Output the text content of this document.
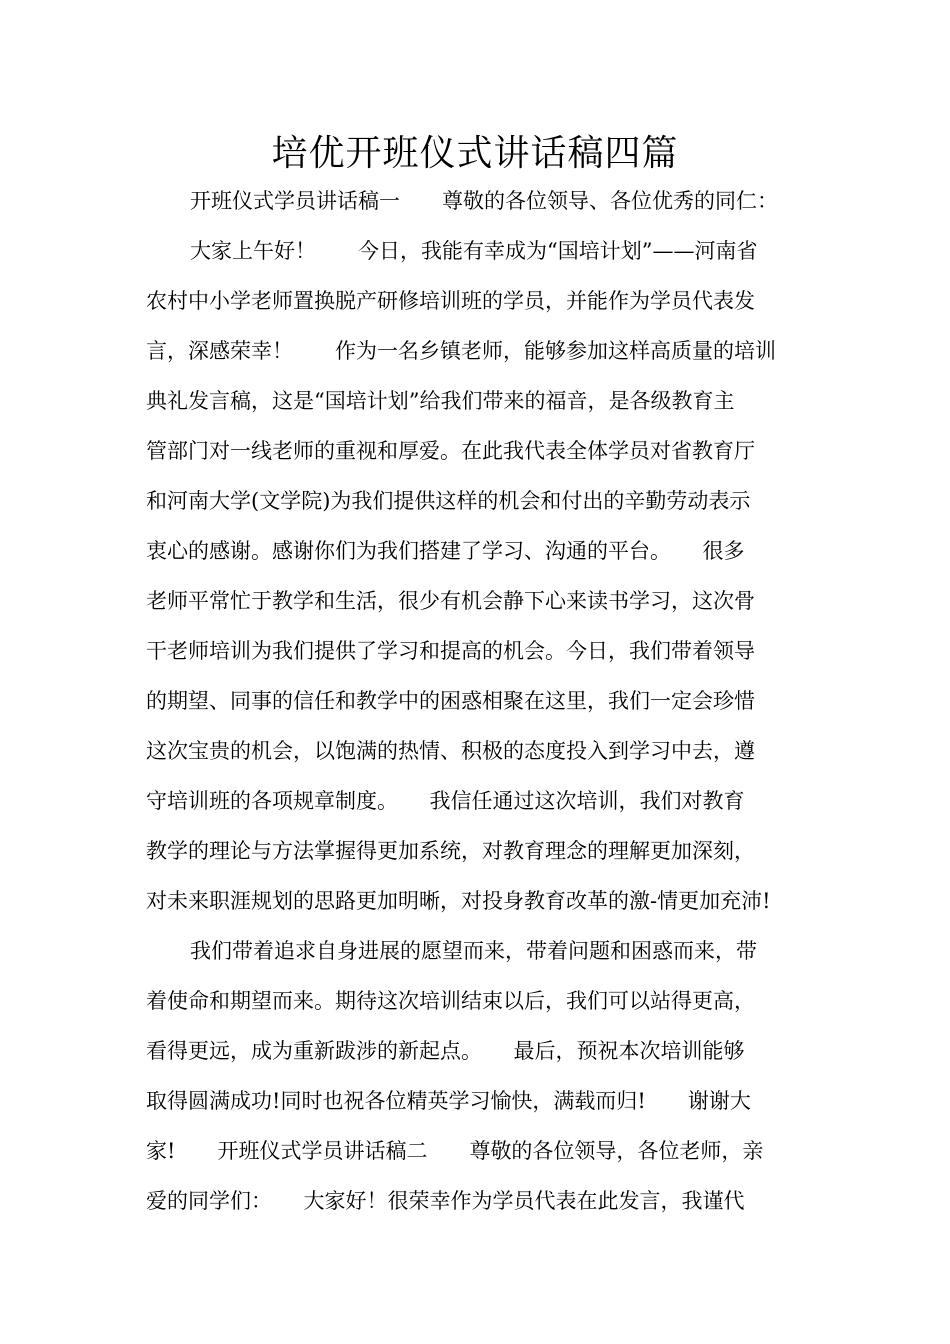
培优开班仪式讲话稿四篇
开班仪式学员讲话稿一　　尊敬的各位领导、各位优秀的同仁：
大家上午好！　　今日，我能有幸成为“国培计划”——河南省
农村中小学老师置换脱产研修培训班的学员，并能作为学员代表发
言，深感荣幸！　　作为一名乡镇老师，能够参加这样高质量的培训
典礼发言稿，这是“国培计划”给我们带来的福音，是各级教育主
管部门对一线老师的重视和厚爱。在此我代表全体学员对省教育厅
和河南大学(文学院)为我们提供这样的机会和付出的辛勤劳动表示
衷心的感谢。感谢你们为我们搭建了学习、沟通的平台。　　很多
老师平常忙于教学和生活，很少有机会静下心来读书学习，这次骨
干老师培训为我们提供了学习和提高的机会。今日，我们带着领导
的期望、同事的信任和教学中的困惑相聚在这里，我们一定会珍惜
这次宝贵的机会，以饱满的热情、积极的态度投入到学习中去，遵
守培训班的各项规章制度。　　我信任通过这次培训，我们对教育
教学的理论与方法掌握得更加系统，对教育理念的理解更加深刻，
对未来职涯规划的思路更加明晰，对投身教育改革的激-情更加充沛!
我们带着追求自身进展的愿望而来，带着问题和困惑而来，带
着使命和期望而来。期待这次培训结束以后，我们可以站得更高，
看得更远，成为重新跋涉的新起点。　　最后，预祝本次培训能够
取得圆满成功!同时也祝各位精英学习愉快，满载而归!　　谢谢大
家!　　开班仪式学员讲话稿二　　尊敬的各位领导，各位老师，亲
爱的同学们：　　大家好！很荣幸作为学员代表在此发言，我谨代
